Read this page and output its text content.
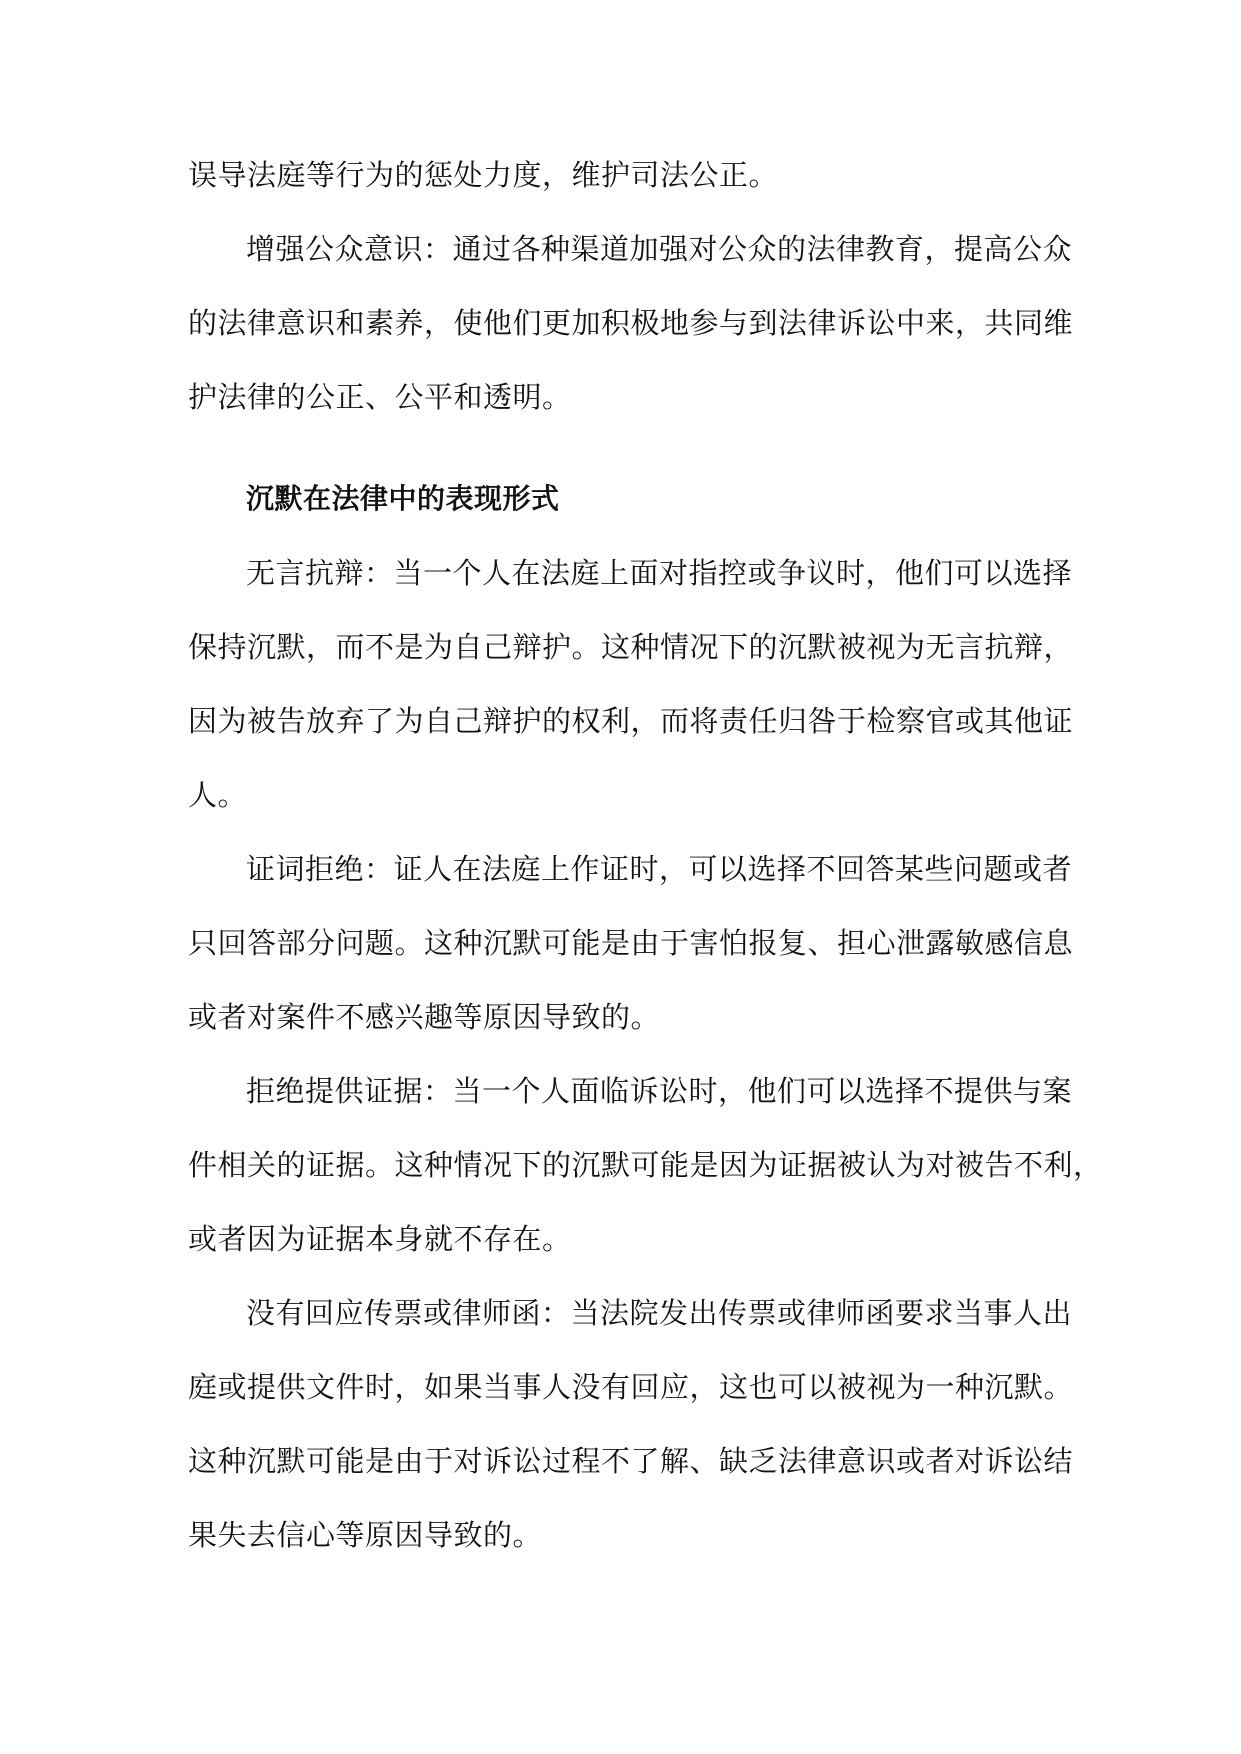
误导法庭等行为的惩处力度，维护司法公正。
增强公众意识：通过各种渠道加强对公众的法律教育，提高公众
的法律意识和素养，使他们更加积极地参与到法律诉讼中来，共同维
护法律的公正、公平和透明。
沉默在法律中的表现形式
无言抗辩：当一个人在法庭上面对指控或争议时，他们可以选择
保持沉默，而不是为自己辩护。这种情况下的沉默被视为无言抗辩，
因为被告放弃了为自己辩护的权利，而将责任归咎于检察官或其他证
人。
证词拒绝：证人在法庭上作证时，可以选择不回答某些问题或者
只回答部分问题。这种沉默可能是由于害怕报复、担心泄露敏感信息
或者对案件不感兴趣等原因导致的。
拒绝提供证据：当一个人面临诉讼时，他们可以选择不提供与案
件相关的证据。这种情况下的沉默可能是因为证据被认为对被告不利，
或者因为证据本身就不存在。
没有回应传票或律师函：当法院发出传票或律师函要求当事人出
庭或提供文件时，如果当事人没有回应，这也可以被视为一种沉默。
这种沉默可能是由于对诉讼过程不了解、缺乏法律意识或者对诉讼结
果失去信心等原因导致的。
